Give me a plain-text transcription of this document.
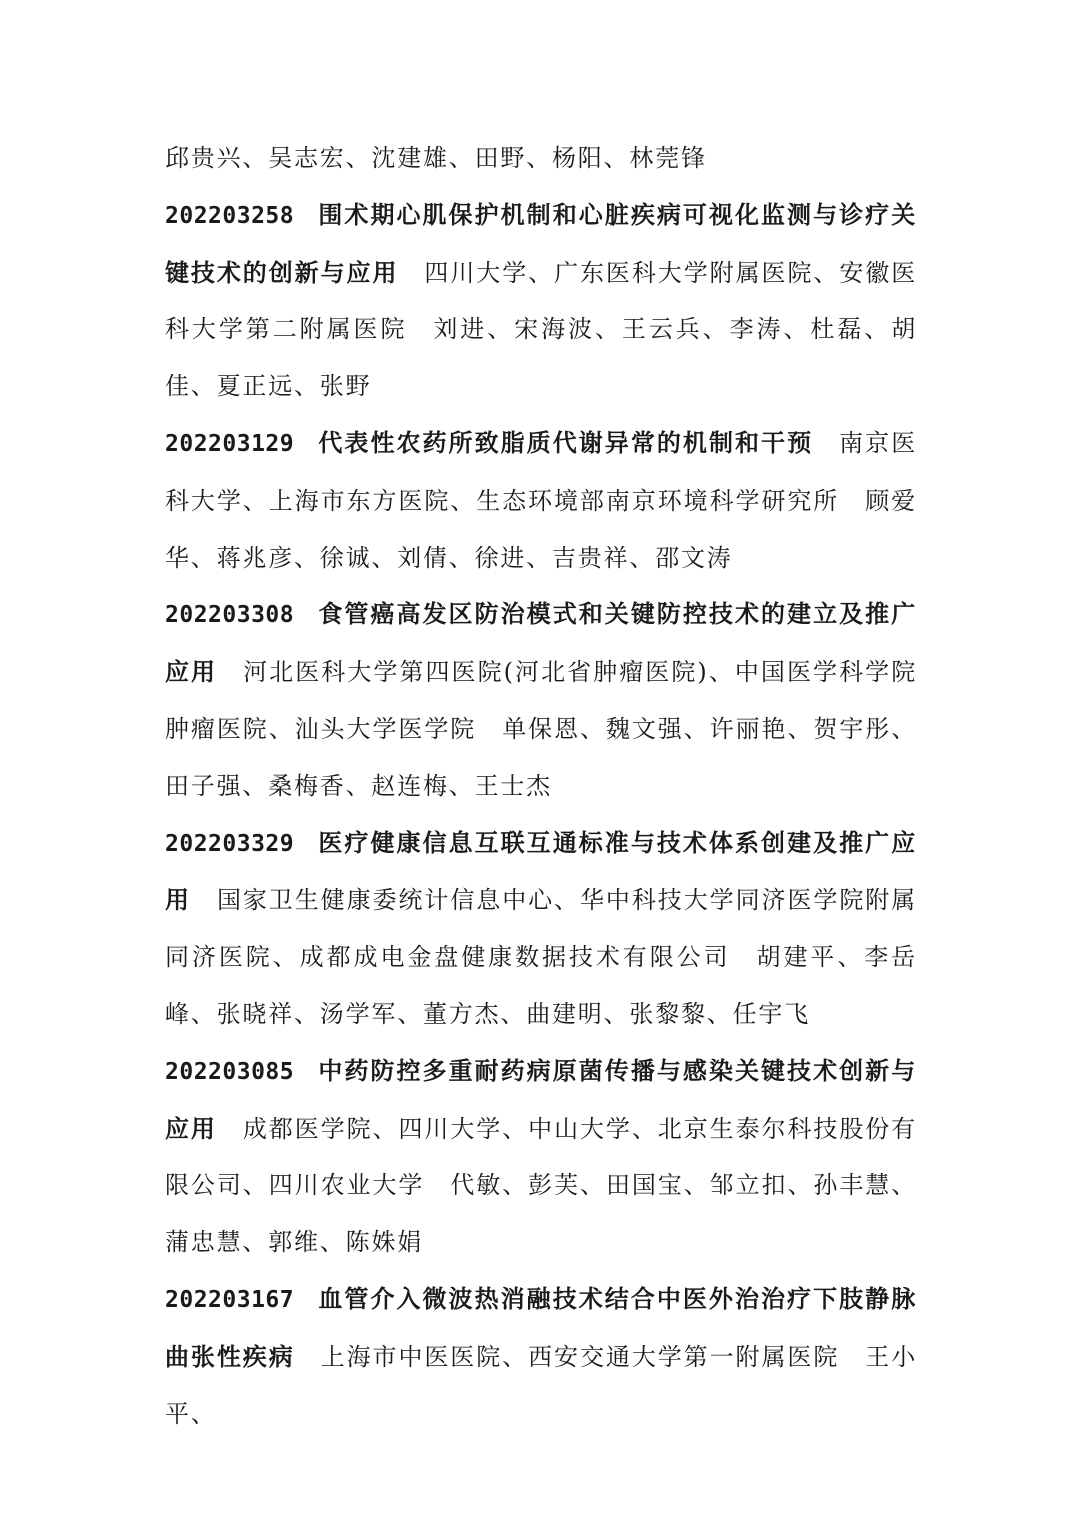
邱贵兴、吴志宏、沈建雄、田野、杨阳、林莞锋

202203258 围术期心肌保护机制和心脏疾病可视化监测与诊疗关键技术的创新与应用 四川大学、广东医科大学附属医院、安徽医科大学第二附属医院 刘进、宋海波、王云兵、李涛、杜磊、胡佳、夏正远、张野

202203129 代表性农药所致脂质代谢异常的机制和干预 南京医科大学、上海市东方医院、生态环境部南京环境科学研究所 顾爱华、蒋兆彦、徐诚、刘倩、徐进、吉贵祥、邵文涛

202203308 食管癌高发区防治模式和关键防控技术的建立及推广应用 河北医科大学第四医院(河北省肿瘤医院)、中国医学科学院肿瘤医院、汕头大学医学院 单保恩、魏文强、许丽艳、贺宇彤、田子强、桑梅香、赵连梅、王士杰

202203329 医疗健康信息互联互通标准与技术体系创建及推广应用 国家卫生健康委统计信息中心、华中科技大学同济医学院附属同济医院、成都成电金盘健康数据技术有限公司 胡建平、李岳峰、张晓祥、汤学军、董方杰、曲建明、张黎黎、任宇飞

202203085 中药防控多重耐药病原菌传播与感染关键技术创新与应用 成都医学院、四川大学、中山大学、北京生泰尔科技股份有限公司、四川农业大学 代敏、彭芙、田国宝、邹立扣、孙丰慧、蒲忠慧、郭维、陈姝娟

202203167 血管介入微波热消融技术结合中医外治治疗下肢静脉曲张性疾病 上海市中医医院、西安交通大学第一附属医院 王小平、
